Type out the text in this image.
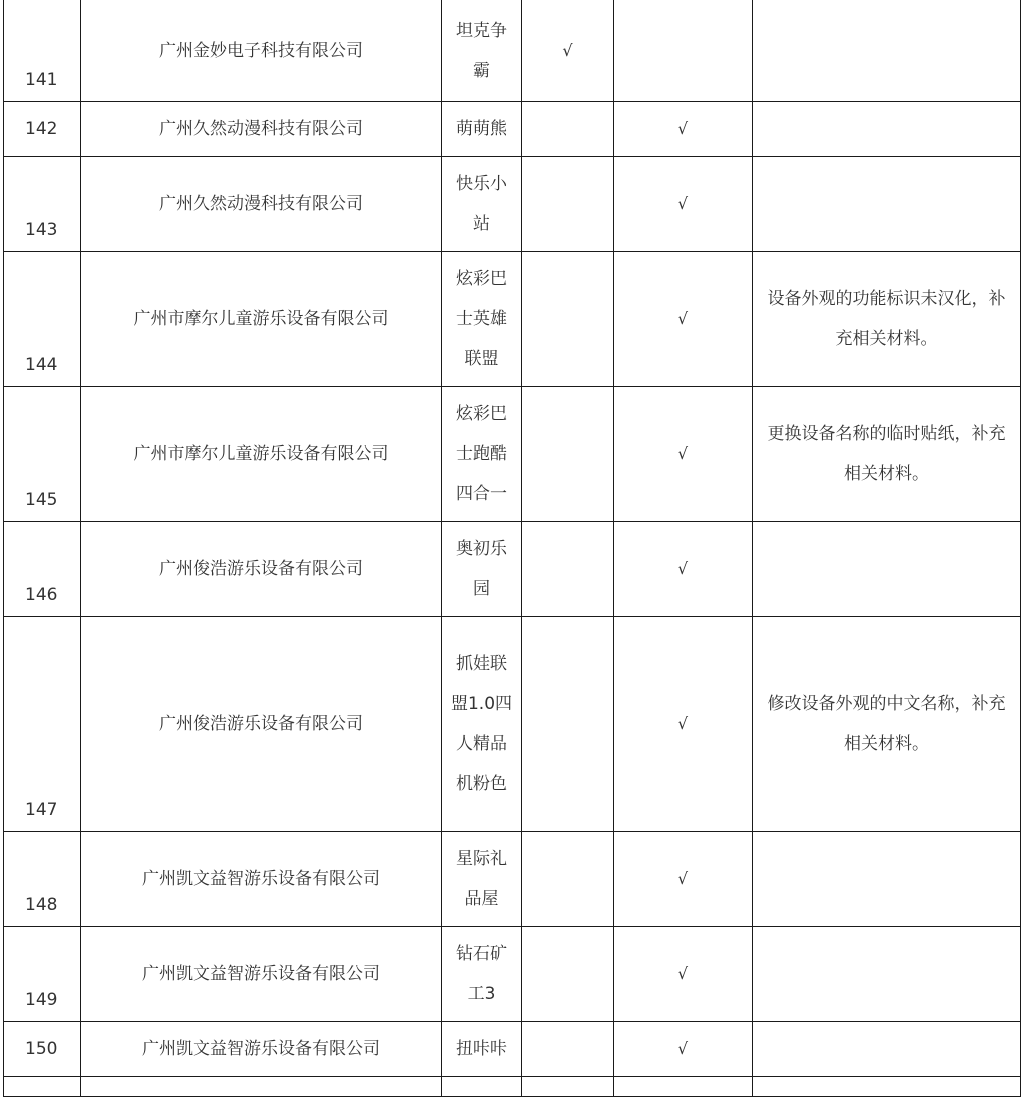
141	广州金妙电子科技有限公司	坦克争霸	√		
142	广州久然动漫科技有限公司	萌萌熊		√	
143	广州久然动漫科技有限公司	快乐小站		√	
144	广州市摩尔儿童游乐设备有限公司	炫彩巴士英雄联盟		√	设备外观的功能标识未汉化，补充相关材料。
145	广州市摩尔儿童游乐设备有限公司	炫彩巴士跑酷四合一		√	更换设备名称的临时贴纸，补充相关材料。
146	广州俊浩游乐设备有限公司	奥初乐园		√	
147	广州俊浩游乐设备有限公司	抓娃联盟1.0四人精品机粉色		√	修改设备外观的中文名称，补充相关材料。
148	广州凯文益智游乐设备有限公司	星际礼品屋		√	
149	广州凯文益智游乐设备有限公司	钻石矿工3		√	
150	广州凯文益智游乐设备有限公司	扭咔咔		√	
